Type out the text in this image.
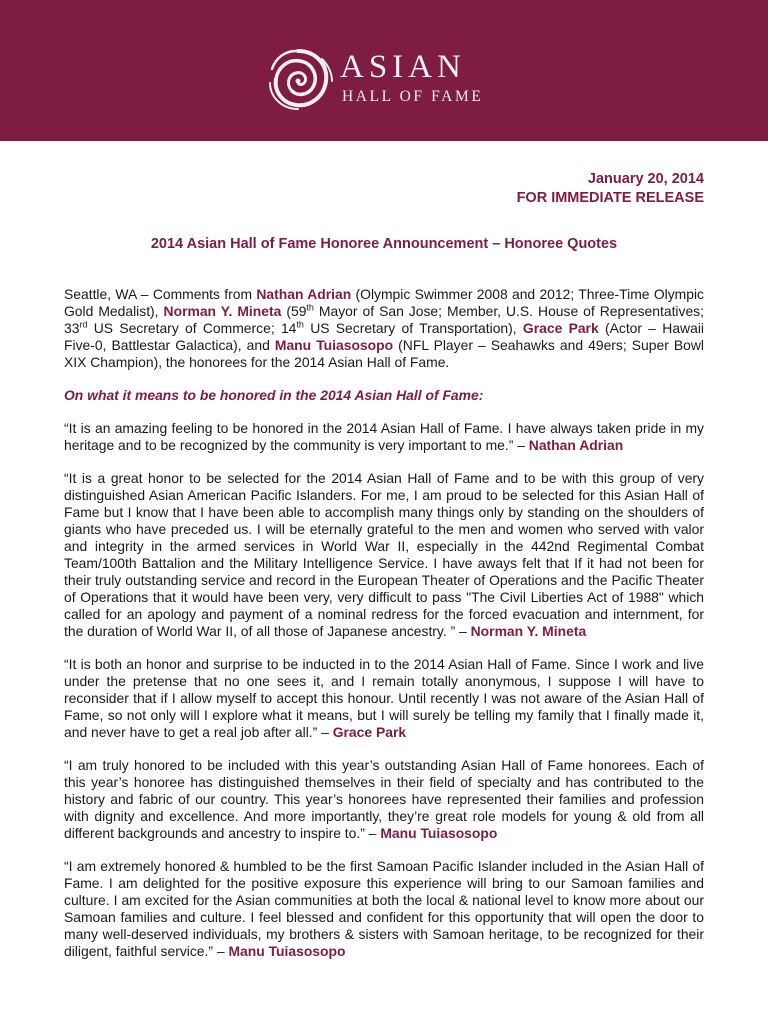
ASIAN
HALL OF FAME
January 20, 2014
FOR IMMEDIATE RELEASE
2014 Asian Hall of Fame Honoree Announcement – Honoree Quotes

Seattle, WA – Comments from Nathan Adrian (Olympic Swimmer 2008 and 2012; Three-Time Olympic Gold Medalist), Norman Y. Mineta (59th Mayor of San Jose; Member, U.S. House of Representatives; 33rd US Secretary of Commerce; 14th US Secretary of Transportation), Grace Park (Actor – Hawaii Five-0, Battlestar Galactica), and Manu Tuiasosopo (NFL Player – Seahawks and 49ers; Super Bowl XIX Champion), the honorees for the 2014 Asian Hall of Fame.

On what it means to be honored in the 2014 Asian Hall of Fame:

“It is an amazing feeling to be honored in the 2014 Asian Hall of Fame. I have always taken pride in my heritage and to be recognized by the community is very important to me.” – Nathan Adrian

“It is a great honor to be selected for the 2014 Asian Hall of Fame and to be with this group of very distinguished Asian American Pacific Islanders. For me, I am proud to be selected for this Asian Hall of Fame but I know that I have been able to accomplish many things only by standing on the shoulders of giants who have preceded us. I will be eternally grateful to the men and women who served with valor and integrity in the armed services in World War II, especially in the 442nd Regimental Combat Team/100th Battalion and the Military Intelligence Service. I have aways felt that If it had not been for their truly outstanding service and record in the European Theater of Operations and the Pacific Theater of Operations that it would have been very, very difficult to pass "The Civil Liberties Act of 1988" which called for an apology and payment of a nominal redress for the forced evacuation and internment, for the duration of World War II, of all those of Japanese ancestry. ” – Norman Y. Mineta

“It is both an honor and surprise to be inducted in to the 2014 Asian Hall of Fame. Since I work and live under the pretense that no one sees it, and I remain totally anonymous, I suppose I will have to reconsider that if I allow myself to accept this honour. Until recently I was not aware of the Asian Hall of Fame, so not only will I explore what it means, but I will surely be telling my family that I finally made it, and never have to get a real job after all.” – Grace Park

“I am truly honored to be included with this year’s outstanding Asian Hall of Fame honorees. Each of this year’s honoree has distinguished themselves in their field of specialty and has contributed to the history and fabric of our country. This year’s honorees have represented their families and profession with dignity and excellence. And more importantly, they’re great role models for young & old from all different backgrounds and ancestry to inspire to.” – Manu Tuiasosopo

“I am extremely honored & humbled to be the first Samoan Pacific Islander included in the Asian Hall of Fame. I am delighted for the positive exposure this experience will bring to our Samoan families and culture. I am excited for the Asian communities at both the local & national level to know more about our Samoan families and culture. I feel blessed and confident for this opportunity that will open the door to many well-deserved individuals, my brothers & sisters with Samoan heritage, to be recognized for their diligent, faithful service.” – Manu Tuiasosopo
